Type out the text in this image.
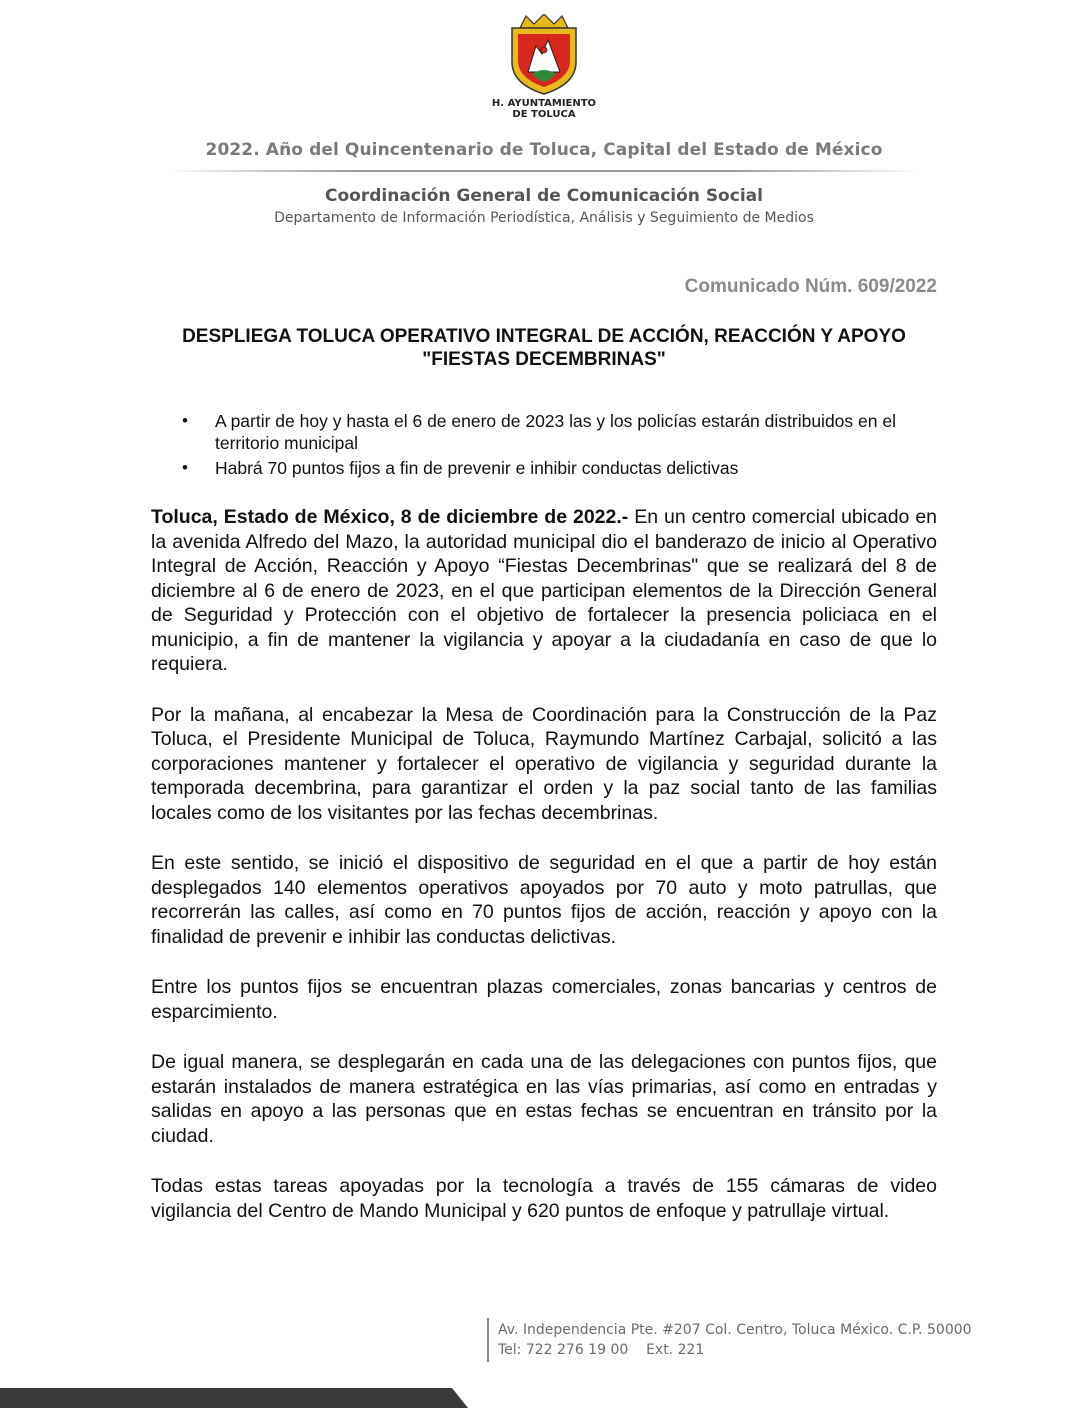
H. AYUNTAMIENTO
DE TOLUCA
2022. Año del Quincentenario de Toluca, Capital del Estado de México
Coordinación General de Comunicación Social
Departamento de Información Periodística, Análisis y Seguimiento de Medios
Comunicado Núm. 609/2022
DESPLIEGA TOLUCA OPERATIVO INTEGRAL DE ACCIÓN, REACCIÓN Y APOYO "FIESTAS DECEMBRINAS"
• A partir de hoy y hasta el 6 de enero de 2023 las y los policías estarán distribuidos en el territorio municipal
• Habrá 70 puntos fijos a fin de prevenir e inhibir conductas delictivas

Toluca, Estado de México, 8 de diciembre de 2022.- En un centro comercial ubicado en la avenida Alfredo del Mazo, la autoridad municipal dio el banderazo de inicio al Operativo Integral de Acción, Reacción y Apoyo “Fiestas Decembrinas" que se realizará del 8 de diciembre al 6 de enero de 2023, en el que participan elementos de la Dirección General de Seguridad y Protección con el objetivo de fortalecer la presencia policiaca en el municipio, a fin de mantener la vigilancia y apoyar a la ciudadanía en caso de que lo requiera.

Por la mañana, al encabezar la Mesa de Coordinación para la Construcción de la Paz Toluca, el Presidente Municipal de Toluca, Raymundo Martínez Carbajal, solicitó a las corporaciones mantener y fortalecer el operativo de vigilancia y seguridad durante la temporada decembrina, para garantizar el orden y la paz social tanto de las familias locales como de los visitantes por las fechas decembrinas.

En este sentido, se inició el dispositivo de seguridad en el que a partir de hoy están desplegados 140 elementos operativos apoyados por 70 auto y moto patrullas, que recorrerán las calles, así como en 70 puntos fijos de acción, reacción y apoyo con la finalidad de prevenir e inhibir las conductas delictivas.

Entre los puntos fijos se encuentran plazas comerciales, zonas bancarias y centros de esparcimiento.

De igual manera, se desplegarán en cada una de las delegaciones con puntos fijos, que estarán instalados de manera estratégica en las vías primarias, así como en entradas y salidas en apoyo a las personas que en estas fechas se encuentran en tránsito por la ciudad.

Todas estas tareas apoyadas por la tecnología a través de 155 cámaras de video vigilancia del Centro de Mando Municipal y 620 puntos de enfoque y patrullaje virtual.

Av. Independencia Pte. #207 Col. Centro, Toluca México. C.P. 50000
Tel: 722 276 19 00    Ext. 221
